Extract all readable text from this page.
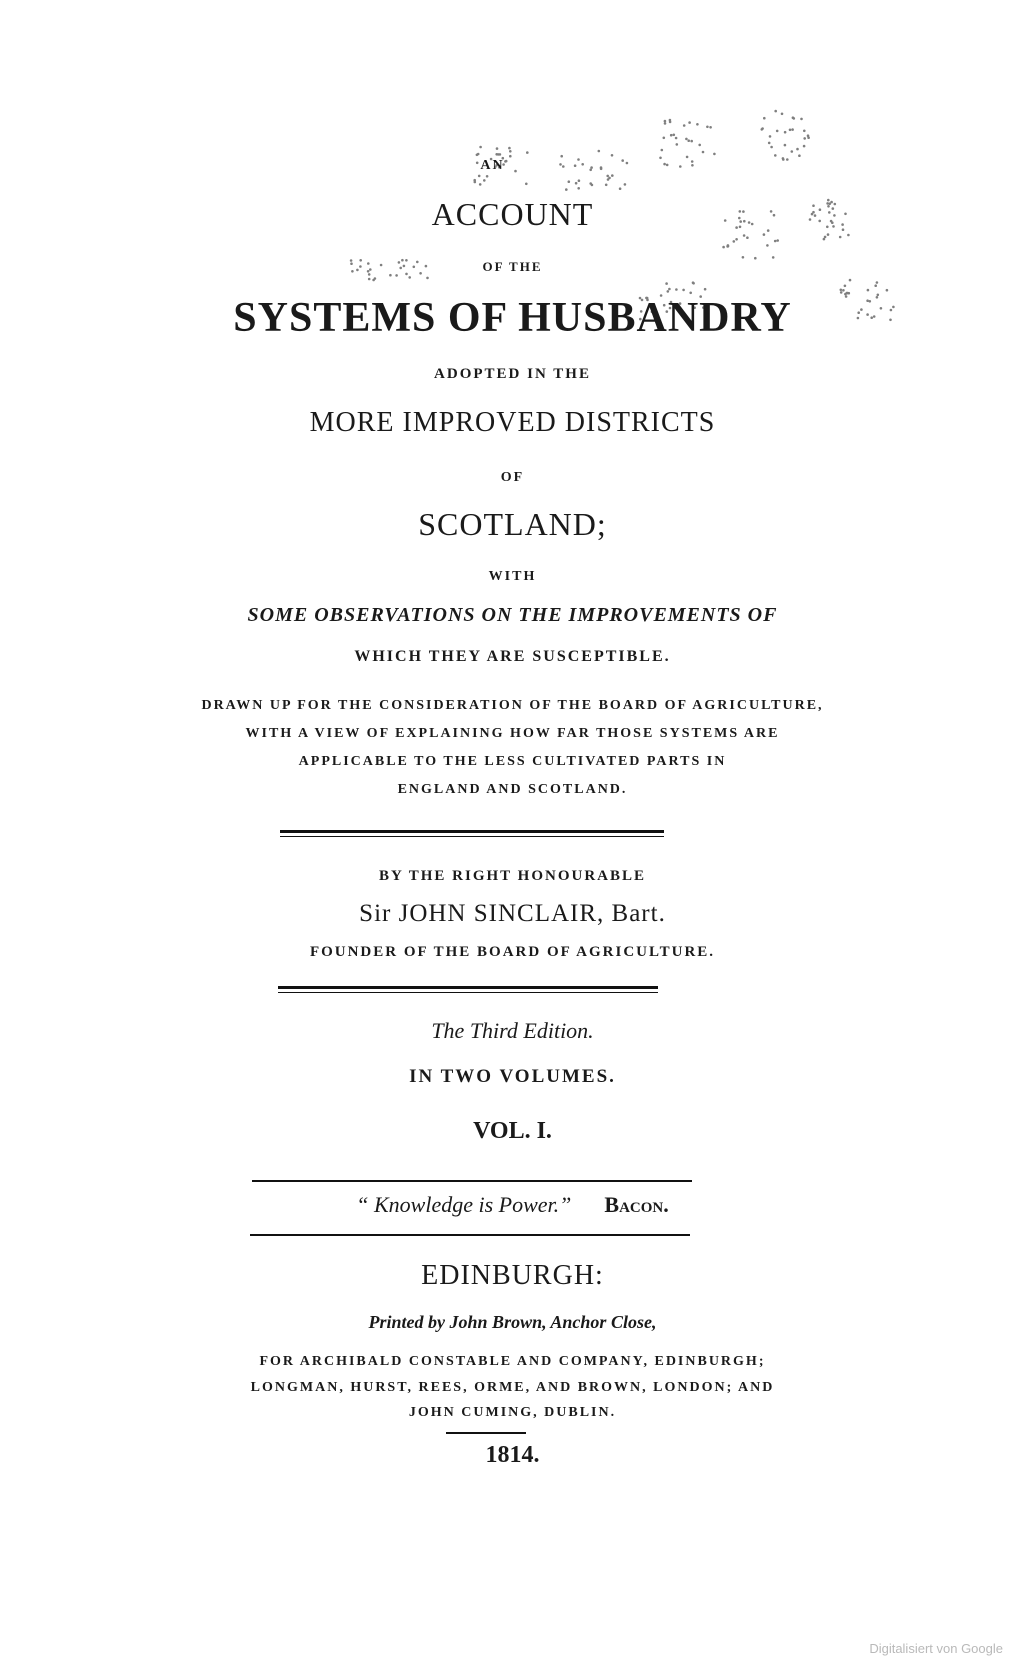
AN
ACCOUNT
OF THE
SYSTEMS OF HUSBANDRY
ADOPTED IN THE
MORE IMPROVED DISTRICTS
OF
SCOTLAND;
WITH
SOME OBSERVATIONS ON THE IMPROVEMENTS OF
WHICH THEY ARE SUSCEPTIBLE.
DRAWN UP FOR THE CONSIDERATION OF THE BOARD OF AGRICULTURE,
WITH A VIEW OF EXPLAINING HOW FAR THOSE SYSTEMS ARE
APPLICABLE TO THE LESS CULTIVATED PARTS IN
ENGLAND AND SCOTLAND.
BY THE RIGHT HONOURABLE
Sir JOHN SINCLAIR, Bart.
FOUNDER OF THE BOARD OF AGRICULTURE.
The Third Edition.
IN TWO VOLUMES.
VOL. I.
“ Knowledge is Power.” Bacon.
EDINBURGH:
Printed by John Brown, Anchor Close,
FOR ARCHIBALD CONSTABLE AND COMPANY, EDINBURGH;
LONGMAN, HURST, REES, ORME, AND BROWN, LONDON; AND
JOHN CUMING, DUBLIN.
1814.
Digitalisiert von Google
